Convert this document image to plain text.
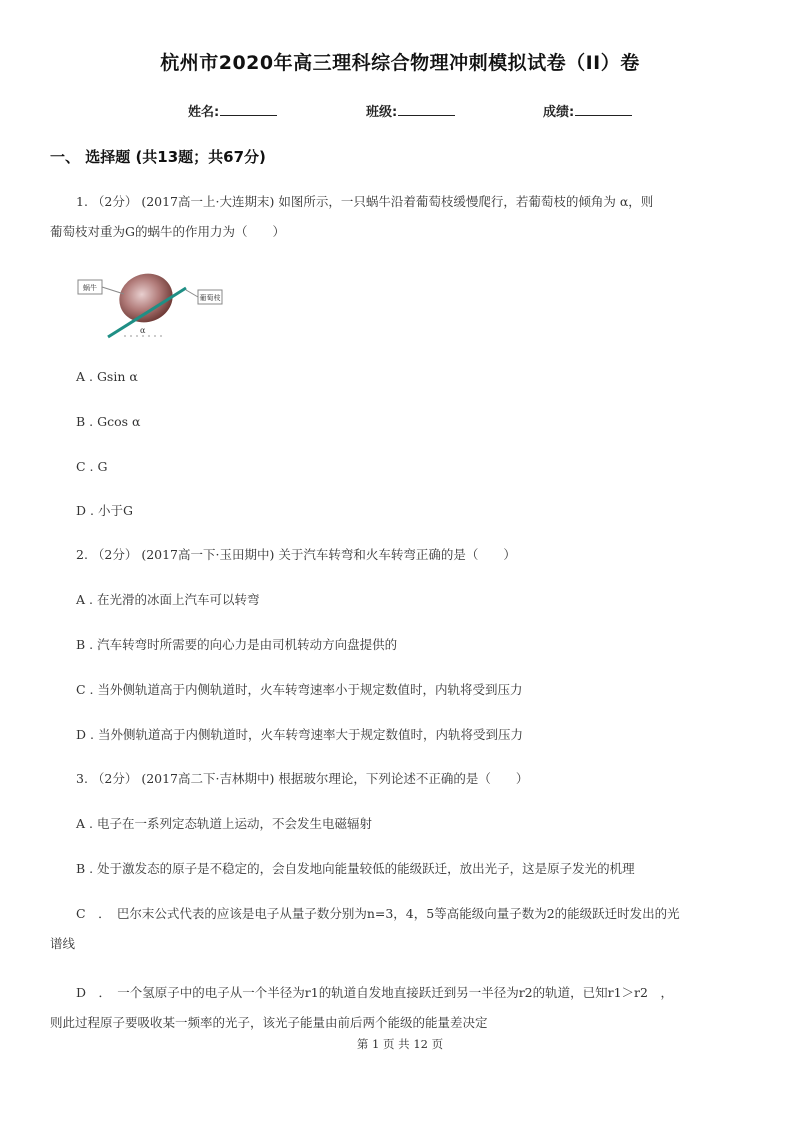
杭州市2020年高三理科综合物理冲刺模拟试卷（II）卷
姓名:	班级:	成绩:
一、 选择题 (共13题；共67分)
1. （2分） (2017高一上·大连期末) 如图所示，一只蜗牛沿着葡萄枝缓慢爬行，若葡萄枝的倾角为 α，则
葡萄枝对重为G的蜗牛的作用力为（　　）
蜗牛
葡萄枝
α
A . Gsin α
B . Gcos α
C . G
D . 小于G
2. （2分） (2017高一下·玉田期中) 关于汽车转弯和火车转弯正确的是（　　）
A . 在光滑的冰面上汽车可以转弯
B . 汽车转弯时所需要的向心力是由司机转动方向盘提供的
C . 当外侧轨道高于内侧轨道时，火车转弯速率小于规定数值时，内轨将受到压力
D . 当外侧轨道高于内侧轨道时，火车转弯速率大于规定数值时，内轨将受到压力
3. （2分） (2017高二下·吉林期中) 根据玻尔理论，下列论述不正确的是（　　）
A . 电子在一系列定态轨道上运动，不会发生电磁辐射
B . 处于激发态的原子是不稳定的，会自发地向能量较低的能级跃迁，放出光子，这是原子发光的机理
C　．　巴尔末公式代表的应该是电子从量子数分别为n=3，4，5等高能级向量子数为2的能级跃迁时发出的光
谱线
D　．　一个氢原子中的电子从一个半径为r1的轨道自发地直接跃迁到另一半径为r2的轨道，已知r1＞r2　，
则此过程原子要吸收某一频率的光子，该光子能量由前后两个能级的能量差决定
第 1 页 共 12 页
